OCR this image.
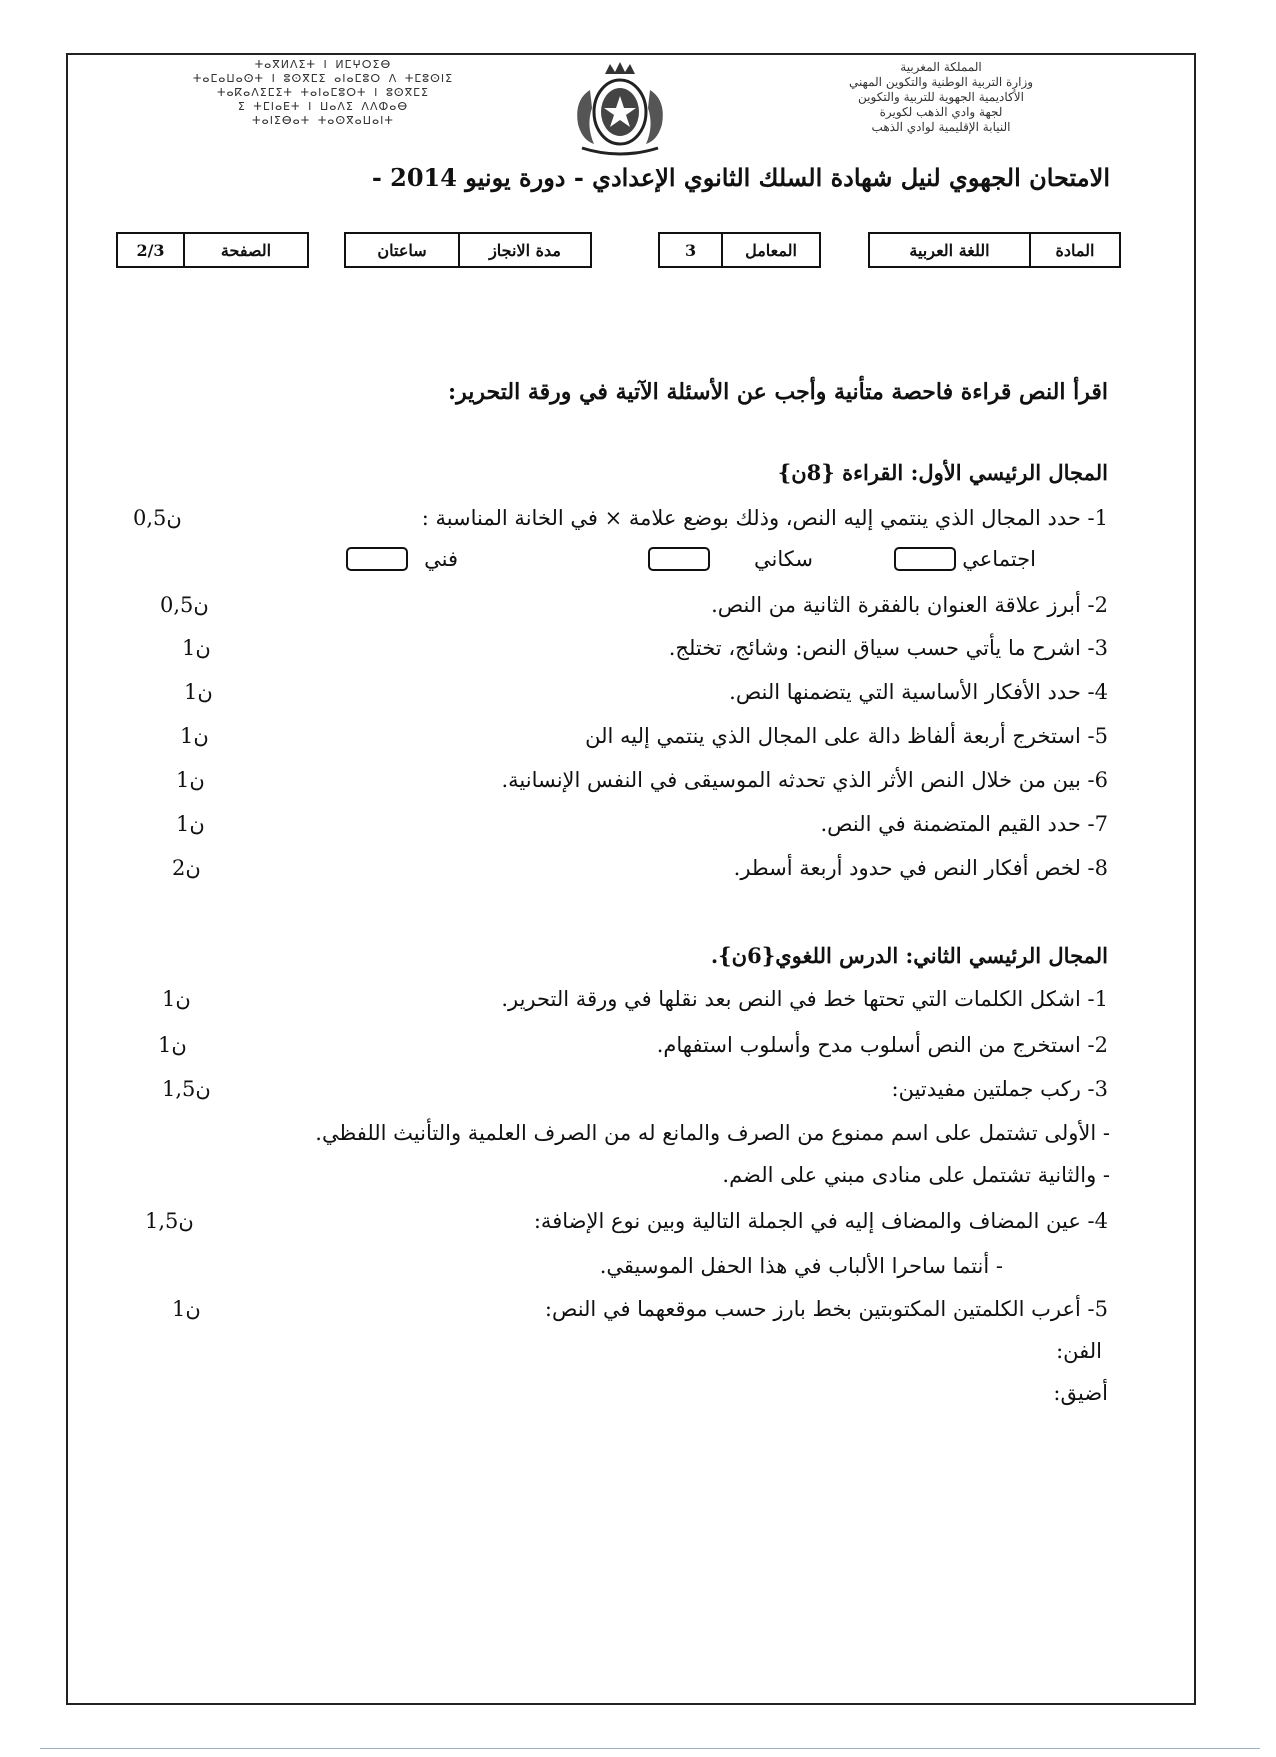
ⵜⴰⴳⵍⴷⵉⵜ ⵏ ⵍⵎⵖⵔⵉⴱ
ⵜⴰⵎⴰⵡⴰⵙⵜ ⵏ ⵓⵙⴳⵎⵉ ⴰⵏⴰⵎⵓⵔ ⴷ ⵜⵎⵓⵙⵏⵉ
ⵜⴰⴽⴰⴷⵉⵎⵉⵜ ⵜⴰⵏⴰⵎⵓⵔⵜ ⵏ ⵓⵙⴳⵎⵉ
ⵉ ⵜⵎⵏⴰⴹⵜ ⵏ ⵡⴰⴷⵉ ⴷⴷⵀⴰⴱ
ⵜⴰⵏⵉⴱⴰⵜ ⵜⴰⵙⴳⴰⵡⴰⵏⵜ
المملكة المغربية
وزارة التربية الوطنية والتكوين المهني
الأكاديمية الجهوية للتربية والتكوين
لجهة وادي الذهب لكويرة
النيابة الإقليمية لوادي الذهب
الامتحان الجهوي لنيل شهادة السلك الثانوي الإعدادي - دورة يونيو 2014 -
المادة
اللغة العربية
المعامل
3
مدة الانجاز
ساعتان
الصفحة
2/3
اقرأ النص قراءة فاحصة متأنية وأجب عن الأسئلة الآتية في ورقة التحرير:
المجال الرئيسي الأول: القراءة {8ن}
1- حدد المجال الذي ينتمي إليه النص، وذلك بوضع علامة × في الخانة المناسبة :
ن0,5
اجتماعي
سكاني
فني
2- أبرز علاقة العنوان بالفقرة الثانية من النص.
ن0,5
3- اشرح ما يأتي حسب سياق النص: وشائج، تختلج.
ن1
4- حدد الأفكار الأساسية التي يتضمنها النص.
ن1
5- استخرج أربعة ألفاظ دالة على المجال الذي ينتمي إليه الن
ن1
6- بين من خلال النص الأثر الذي تحدثه الموسيقى في النفس الإنسانية.
ن1
7- حدد القيم المتضمنة في النص.
ن1
8- لخص أفكار النص في حدود أربعة أسطر.
ن2
المجال الرئيسي الثاني: الدرس اللغوي{6ن}.
1- اشكل الكلمات التي تحتها خط في النص بعد نقلها في ورقة التحرير.
ن1
2- استخرج من النص أسلوب مدح وأسلوب استفهام.
ن1
3- ركب جملتين مفيدتين:
ن1,5
- الأولى تشتمل على اسم ممنوع من الصرف والمانع له من الصرف العلمية والتأنيث اللفظي.
- والثانية تشتمل على منادى مبني على الضم.
4- عين المضاف والمضاف إليه في الجملة التالية وبين نوع الإضافة:
ن1,5
- أنتما ساحرا الألباب في هذا الحفل الموسيقي.
5- أعرب الكلمتين المكتوبتين بخط بارز حسب موقعهما في النص:
ن1
الفن:
أضيق:
